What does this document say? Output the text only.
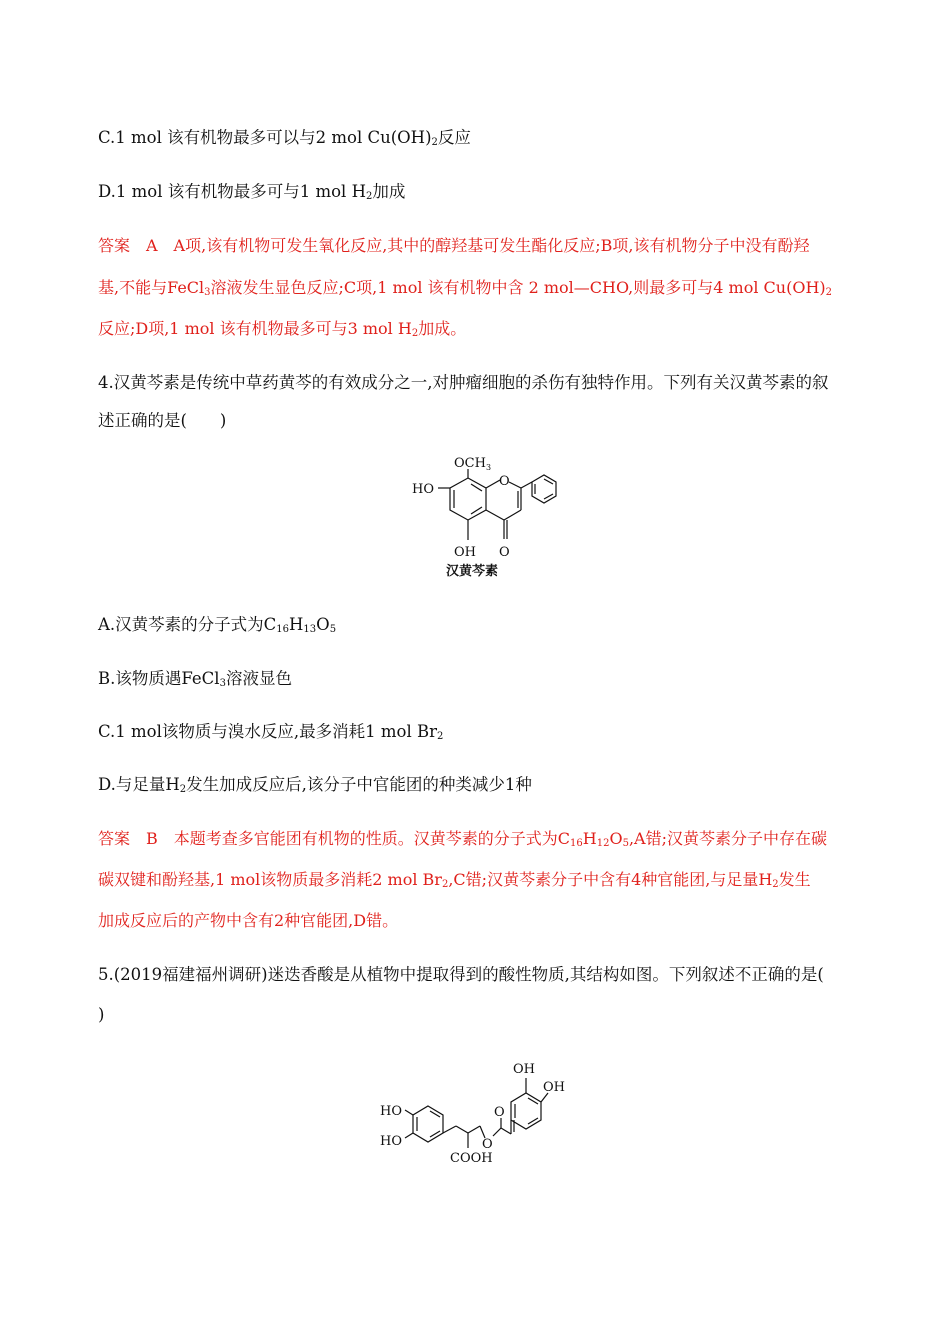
C.1 mol 该有机物最多可以与2 mol $Cu(OH)_2$反应
D.1 mol 该有机物最多可与1 mol $H_2$加成
答案　A　A项,该有机物可发生氧化反应,其中的醇羟基可发生酯化反应;B项,该有机物分子中没有酚羟
基,不能与FeCl$_3$溶液发生显色反应;C项,1 mol 该有机物中含 2 mol—CHO,则最多可与4 mol $Cu(OH)_2$
反应;D项,1 mol 该有机物最多可与3 mol $H_2$加成。
4.汉黄芩素是传统中草药黄芩的有效成分之一,对肿瘤细胞的杀伤有独特作用。下列有关汉黄芩素的叙
述正确的是(　　)
$OCH_3$
HO
O
OH O
汉黄芩素
A.汉黄芩素的分子式为$C_{16}H_{13}O_5$
B.该物质遇FeCl$_3$溶液显色
C.1 mol该物质与溴水反应,最多消耗1 mol $Br_2$
D.与足量$H_2$发生加成反应后,该分子中官能团的种类减少1种
答案　B　本题考查多官能团有机物的性质。汉黄芩素的分子式为$C_{16}H_{12}O_5,A$错;汉黄芩素分子中存在碳
碳双键和酚羟基,1 mol该物质最多消耗2 mol $Br_2,C$错;汉黄芩素分子中含有4种官能团,与足量$H_2$发生
加成反应后的产物中含有2种官能团,D错。
5.(2019福建福州调研)迷迭香酸是从植物中提取得到的酸性物质,其结构如图。下列叙述不正确的是(
)
HO
HO
OH
OH
COOH
O
O
